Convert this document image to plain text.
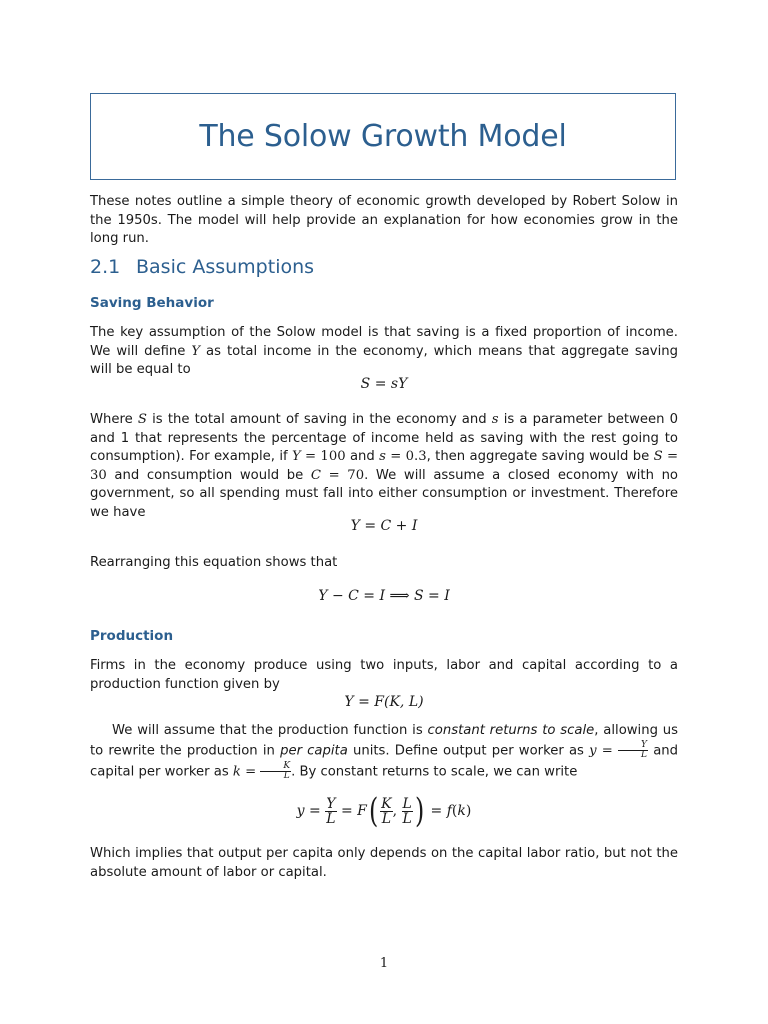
The Solow Growth Model
These notes outline a simple theory of economic growth developed by Robert Solow in the 1950s. The model will help provide an explanation for how economies grow in the long run.
2.1 Basic Assumptions
Saving Behavior
The key assumption of the Solow model is that saving is a fixed proportion of income. We will define Y as total income in the economy, which means that aggregate saving will be equal to
S = sY
Where S is the total amount of saving in the economy and s is a parameter between 0 and 1 that represents the percentage of income held as saving with the rest going to consumption). For example, if Y = 100 and s = 0.3, then aggregate saving would be S = 30 and consumption would be C = 70. We will assume a closed economy with no government, so all spending must fall into either consumption or investment. Therefore we have
Y = C + I
Rearranging this equation shows that
Y − C = I ⟹ S = I
Production
Firms in the economy produce using two inputs, labor and capital according to a production function given by
Y = F(K, L)
We will assume that the production function is constant returns to scale, allowing us to rewrite the production in per capita units. Define output per worker as $y = \frac{Y}{L}$ and capital per worker as $k = \frac{K}{L}$ . By constant returns to scale, we can write
$y = \frac{Y}{L} = F( \frac{K}{L}$ , $\frac{L}{L}$ ) = f(k)
Which implies that output per capita only depends on the capital labor ratio, but not the absolute amount of labor or capital.
1
